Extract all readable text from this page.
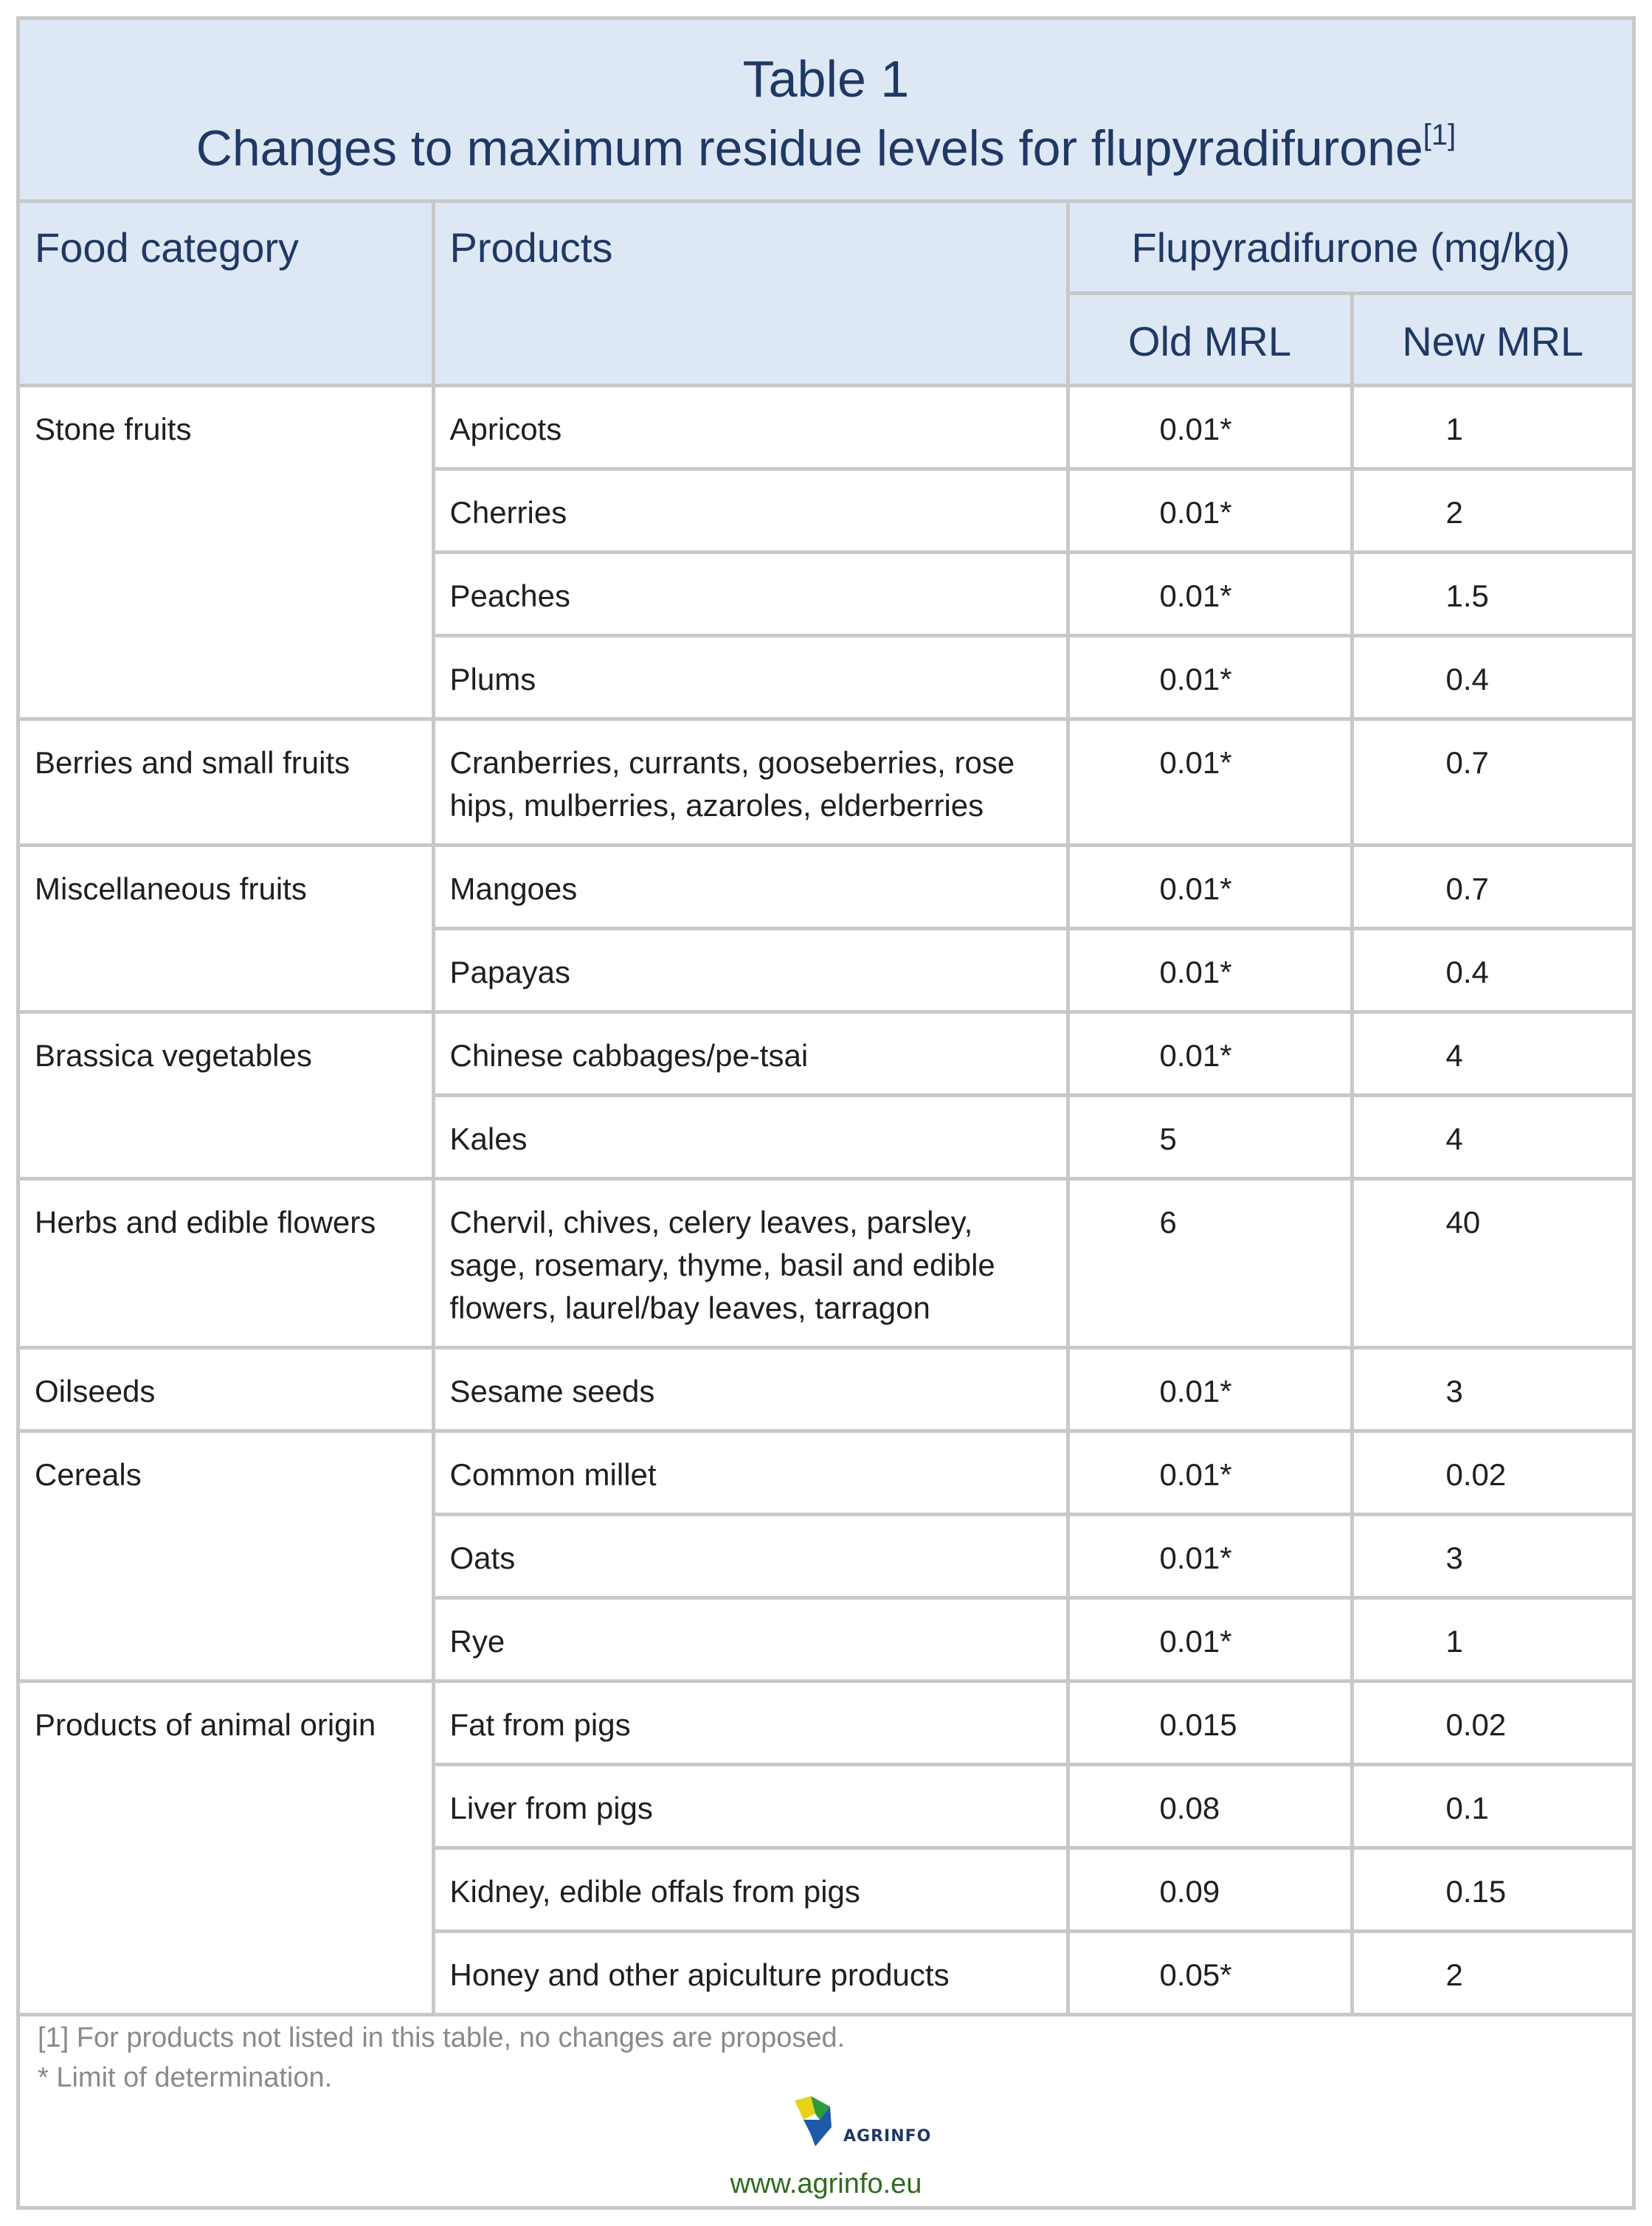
Table 1
Changes to maximum residue levels for flupyradifurone[1]
Food category	Products	Flupyradifurone (mg/kg)	
		Old MRL	New MRL
Stone fruits	Apricots	0.01*	1
	Cherries	0.01*	2
	Peaches	0.01*	1.5
	Plums	0.01*	0.4
Berries and small fruits	Cranberries, currants, gooseberries, rose hips, mulberries, azaroles, elderberries	0.01*	0.7
Miscellaneous fruits	Mangoes	0.01*	0.7
	Papayas	0.01*	0.4
Brassica vegetables	Chinese cabbages/pe-tsai	0.01*	4
	Kales	5	4
Herbs and edible flowers	Chervil, chives, celery leaves, parsley, sage, rosemary, thyme, basil and edible flowers, laurel/bay leaves, tarragon	6	40
Oilseeds	Sesame seeds	0.01*	3
Cereals	Common millet	0.01*	0.02
	Oats	0.01*	3
	Rye	0.01*	1
Products of animal origin	Fat from pigs	0.015	0.02
	Liver from pigs	0.08	0.1
	Kidney, edible offals from pigs	0.09	0.15
	Honey and other apiculture products	0.05*	2
[1] For products not listed in this table, no changes are proposed.
* Limit of determination.
AGRINFO
www.agrinfo.eu
